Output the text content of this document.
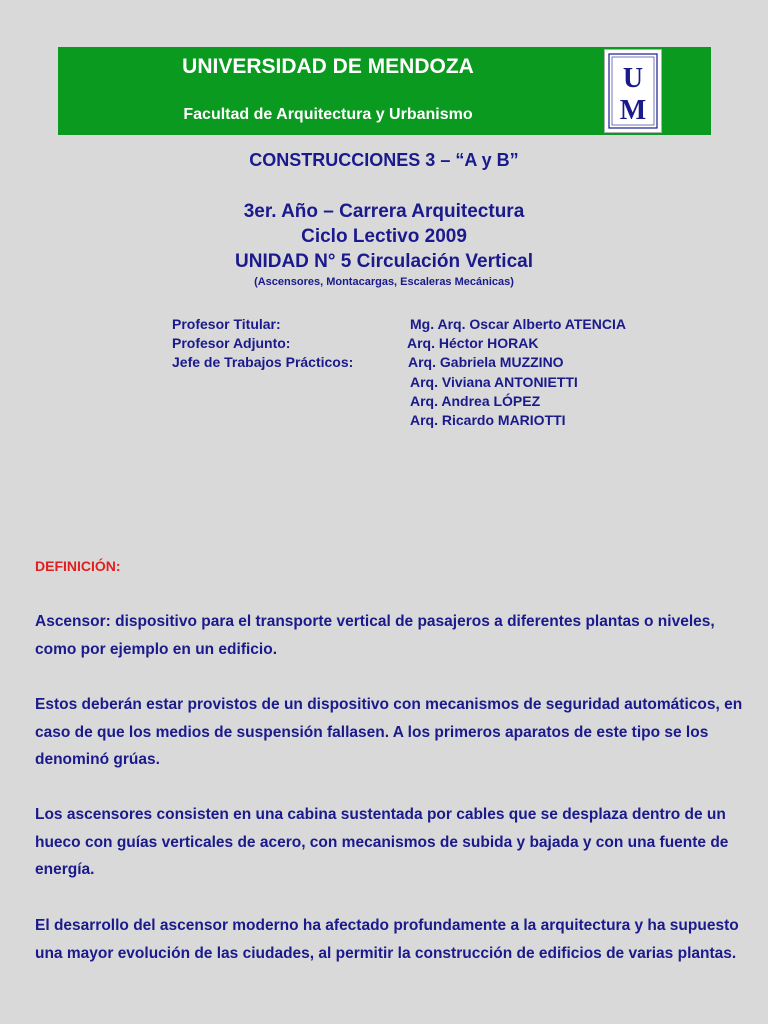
UNIVERSIDAD DE MENDOZA
Facultad de Arquitectura y Urbanismo
U
M
CONSTRUCCIONES 3 – “A y B”
3er. Año – Carrera Arquitectura
Ciclo Lectivo 2009
UNIDAD N° 5 Circulación Vertical
(Ascensores, Montacargas, Escaleras Mecánicas)
Profesor Titular:	Mg. Arq. Oscar Alberto ATENCIA
Profesor Adjunto:	Arq. Héctor HORAK
Jefe de Trabajos Prácticos:	Arq. Gabriela MUZZINO
Arq. Viviana ANTONIETTI
Arq. Andrea LÓPEZ
Arq. Ricardo MARIOTTI
DEFINICIÓN:
Ascensor: dispositivo para el transporte vertical de pasajeros a diferentes plantas o niveles, como por ejemplo en un edificio.
Estos deberán estar provistos de un dispositivo con mecanismos de seguridad automáticos, en caso de que los medios de suspensión fallasen. A los primeros aparatos de este tipo se los denominó grúas.
Los ascensores consisten en una cabina sustentada por cables que se desplaza dentro de un hueco con guías verticales de acero, con mecanismos de subida y bajada y con una fuente de energía.
El desarrollo del ascensor moderno ha afectado profundamente a la arquitectura y ha supuesto una mayor evolución de las ciudades, al permitir la construcción de edificios de varias plantas.
